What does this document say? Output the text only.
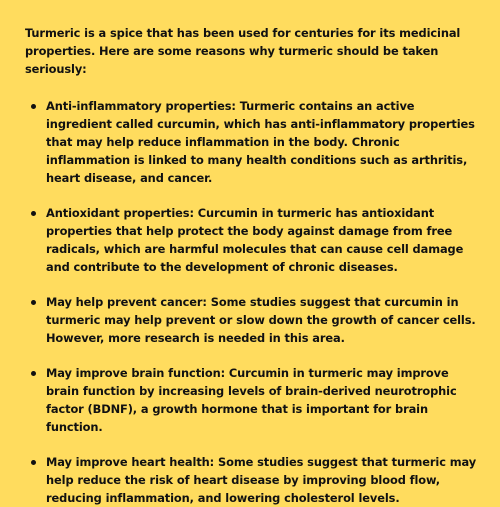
Turmeric is a spice that has been used for centuries for its medicinal properties. Here are some reasons why turmeric should be taken seriously:

Anti-inflammatory properties: Turmeric contains an active ingredient called curcumin, which has anti-inflammatory properties that may help reduce inflammation in the body. Chronic inflammation is linked to many health conditions such as arthritis, heart disease, and cancer.
Antioxidant properties: Curcumin in turmeric has antioxidant properties that help protect the body against damage from free radicals, which are harmful molecules that can cause cell damage and contribute to the development of chronic diseases.
May help prevent cancer: Some studies suggest that curcumin in turmeric may help prevent or slow down the growth of cancer cells. However, more research is needed in this area.
May improve brain function: Curcumin in turmeric may improve brain function by increasing levels of brain-derived neurotrophic factor (BDNF), a growth hormone that is important for brain function.
May improve heart health: Some studies suggest that turmeric may help reduce the risk of heart disease by improving blood flow, reducing inflammation, and lowering cholesterol levels.
